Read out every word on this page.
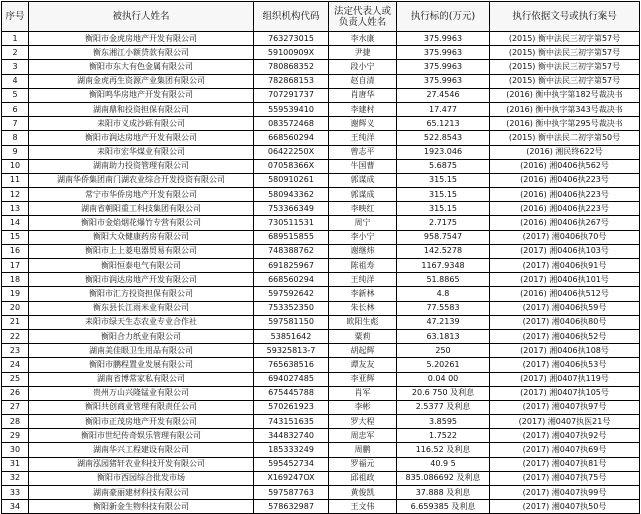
序号	被执行人姓名	组织机构代码	法定代表人或负责人姓名	执行标的(万元)	执行依据文号或执行案号
1	衡阳市金虎房地产开发有限公司	763273015	李水康	375.9963	(2015) 衡中法民三初字第57号
2	衡东湘江小额贷款有限公司	59100909X	尹捷	375.9963	(2015) 衡中法民三初字第57号
3	衡阳市东大有色金属有限公司	780868352	段小宁	375.9963	(2015) 衡中法民三初字第57号
4	湖南金虎再生资源产业集团有限公司	782868153	赵自清	375.9963	(2015) 衡中法民三初字第57号
5	衡阳鸣华房地产开发有限公司	707291737	肖唐华	27.4546	(2016) 衡中执字第182号裁决书
6	湖南鼎和投资担保有限公司	559539410	李建村	17.477	(2016) 衡中执字第343号裁决书
7	耒阳市义成沙砾有限公司	083572468	谢辉义	65.1213	(2016) 衡中执字第295号裁决书
8	衡阳市润达房地产开发有限公司	668560294	王纯洋	522.8543	(2015) 衡中法民二初字第50号
9	耒阳市宏华煤业有限公司	06422250X	曾志平	1923.046	(2016) 湘民终622号
10	湖南助力投资管理有限公司	07058366X	牛国曹	5.6875	(2016) 湘0406执562号
11	湖南华侨集团南门湖农业综合开发投资有限公司	580910261	郭谋成	315.15	(2016) 湘0406执223号
12	常宁市华侨房地产开发有限公司	580943362	郭谋成	315.15	(2016) 湘0406执223号
13	湖南省朝阳重工科技集团有限公司	753366349	李映红	315.15	(2016) 湘0406执223号
14	衡阳市金焰烟花爆竹专营有限公司	730511531	周宁	2.7175	(2016) 湘0406执267号
15	衡阳大众健康药房有限公司	689515855	李小宁	958.7547	(2017) 湘0406执70号
16	衡阳市上上菱电器贸易有限公司	748388762	谢继炜	142.5278	(2017) 湘0406执103号
17	衡阳恒泰电气有限公司	691825967	陈祖寿	1167.9348	(2017) 湘0406执91号
18	衡阳市润达房地产开发有限公司	668560294	王纯洋	51.8865	(2017) 湘0406执101号
19	衡阳市汇方投资担保有限公司	597592642	李新林	4.8	(2016) 湘0406执512号
20	衡东县长江雨米业有限公司	753352350	朱长林	77.5583	(2017) 湘0406执59号
21	耒阳市绿天生态农业专业合作社	597581150	欧阳生彪	47.2139	(2017) 湘0406执80号
22	衡阳合力纸业有限公司	53851642	粟莉	63.1813	(2017) 湘0406执52号
23	湖南美佳眼卫生用品有限公司	59325813-7	胡起辉	250	(2017) 湘0406执108号
24	衡阳市鹏程置业发展有限公司	765638516	谭友友	5.20261	(2017) 湘0406执53号
25	湖南省博常家私有限公司	694027485	李亚辉	0.04 00	(2017) 湘0407执119号
26	贵州万山兴隆锰业有限公司	675445788	肖军	20.6 750 及利息	(2017) 湘0407执105号
27	衡阳共创商业管理有限责任公司	570261923	李彬	2.5377 及利息	(2017) 湘0407执97号
28	衡阳市正茂房地产开发有限公司	743151635	罗大程	3.8595	(2017) 湘0407执医21号
29	衡阳市世纪传奇娱乐管理有限公司	344832740	周忠军	1.7522	(2017) 湘0407执92号
30	湖南华兴工程建设有限公司	185333249	周鹏	116.52 及利息	(2017) 湘0407执69号
31	湖南泓园猪轩农业科技开发有限公司	595452734	罗福元	40.9 5	(2017) 湘0407执81号
32	衡阳市西园综合批发市场	X169247OX	邱祖政	835.086692 及利息	(2017) 湘0407执75号
33	湖南豪丽建材科技有限公司	597587763	黄俊凯	37.888 及利息	(2017) 湘0407执99号
34	衡阳新金生物科技有限公司	578632987	王文伟	6.659385 及利息	(2017) 湘0407执50号
